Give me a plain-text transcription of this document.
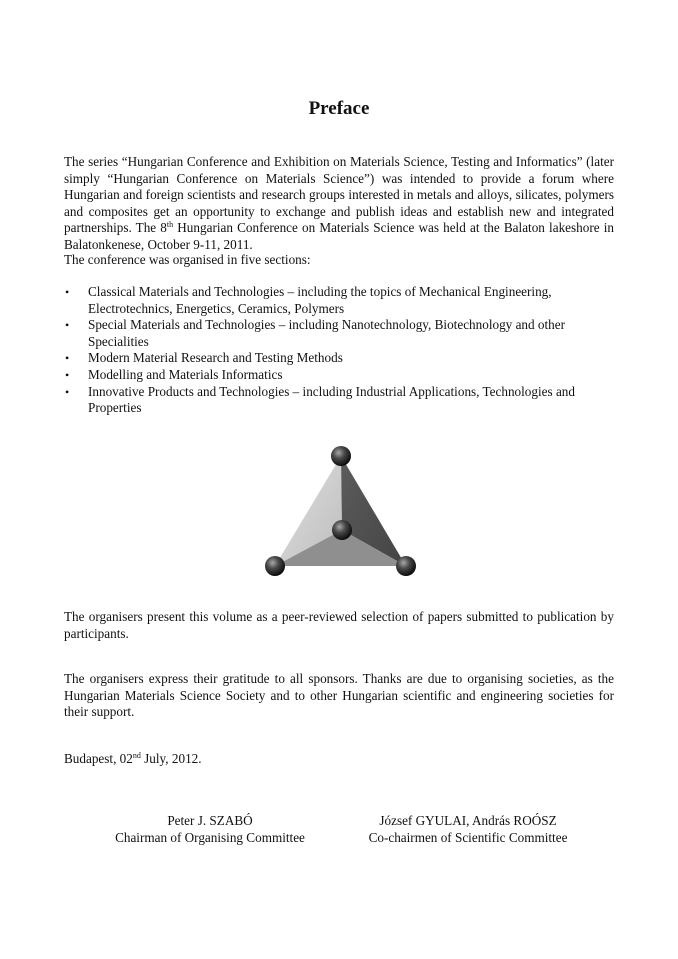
Preface

The series “Hungarian Conference and Exhibition on Materials Science, Testing and Informatics” (later simply “Hungarian Conference on Materials Science”) was intended to provide a forum where Hungarian and foreign scientists and research groups interested in metals and alloys, silicates, polymers and composites get an opportunity to exchange and publish ideas and establish new and integrated partnerships. The 8th Hungarian Conference on Materials Science was held at the Balaton lakeshore in Balatonkenese, October 9-11, 2011.

The conference was organised in five sections:

• Classical Materials and Technologies – including the topics of Mechanical Engineering, Electrotechnics, Energetics, Ceramics, Polymers
• Special Materials and Technologies – including Nanotechnology, Biotechnology and other Specialities
• Modern Material Research and Testing Methods
• Modelling and Materials Informatics
• Innovative Products and Technologies – including Industrial Applications, Technologies and Properties

The organisers present this volume as a peer-reviewed selection of papers submitted to publication by participants.

The organisers express their gratitude to all sponsors. Thanks are due to organising societies, as the Hungarian Materials Science Society and to other Hungarian scientific and engineering societies for their support.

Budapest, 02nd July, 2012.

Peter J. SZABÓ
Chairman of Organising Committee
József GYULAI, András ROÓSZ
Co-chairmen of Scientific Committee
